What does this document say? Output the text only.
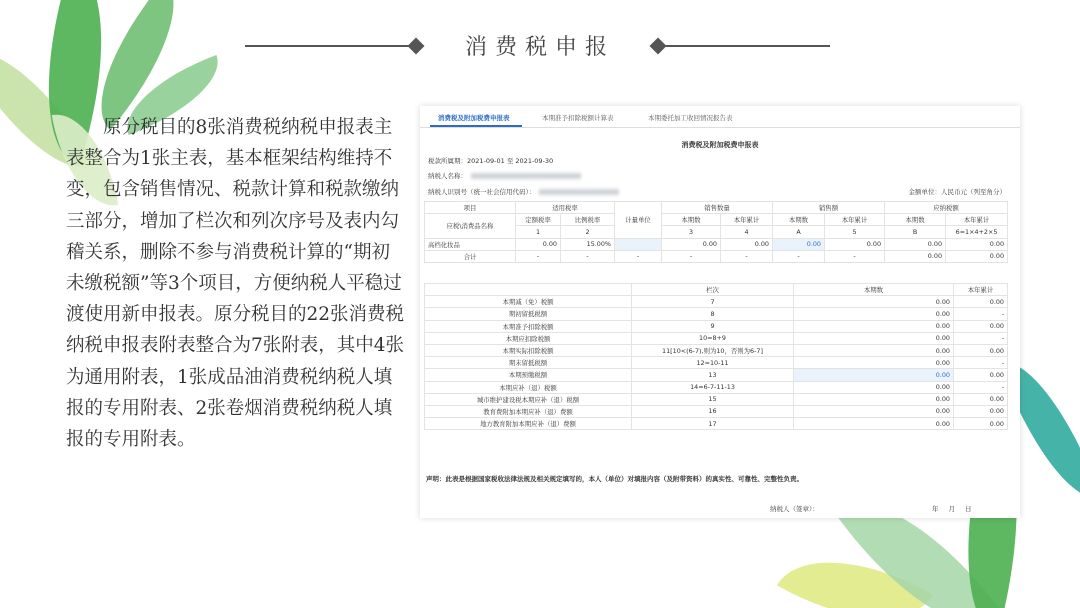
消费税申报
原分税目的8张消费税纳税申报表主表整合为1张主表，基本框架结构维持不变，包含销售情况、税款计算和税款缴纳三部分，增加了栏次和列次序号及表内勾稽关系，删除不参与消费税计算的“期初未缴税额”等3个项目，方便纳税人平稳过渡使用新申报表。原分税目的22张消费税纳税申报表附表整合为7张附表，其中4张为通用附表，1张成品油消费税纳税人填报的专用附表、2张卷烟消费税纳税人填报的专用附表。
消费税及附加税费申报表	本期准予扣除税额计算表	本期委托加工收回情况报告表
消费税及附加税费申报表
税款所属期：2021-09-01 至 2021-09-30
纳税人名称：
纳税人识别号（统一社会信用代码）：	金额单位：人民币元（列至角分）
项目	适用税率		计量单位	销售数量		销售额		应纳税额		
应税\消费品名称	定额税率	比例税率		本期数	本年累计	本期数	本年累计	本期数	本年累计	
	1	2		3	4	A	5	B	6=1×4+2×5	
高档化妆品	0.00	15.00%		0.00	0.00	0.00	0.00	0.00	0.00	
合计	-	-	-	-	-	-	-	0.00	0.00	
	栏次	本期数	本年累计
本期减（免）税额	7	0.00	0.00
期初留抵税额	8	0.00	-
本期准予扣除税额	9	0.00	0.00
本期应扣除税额	10=8+9	0.00	-
本期实际扣除税额	11[10<(6-7),则为10，否则为6-7]	0.00	0.00
期末留抵税额	12=10-11	0.00	-
本期预缴税额	13	0.00	0.00
本期应补（退）税额	14=6-7-11-13	0.00	-
城市维护建设税本期应补（退）税额	15	0.00	0.00
教育费附加本期应补（退）费额	16	0.00	0.00
地方教育附加本期应补（退）费额	17	0.00	0.00
声明：此表是根据国家税收法律法规及相关规定填写的，本人（单位）对填报内容（及附带资料）的真实性、可靠性、完整性负责。
纳税人（签章）：	年月日
